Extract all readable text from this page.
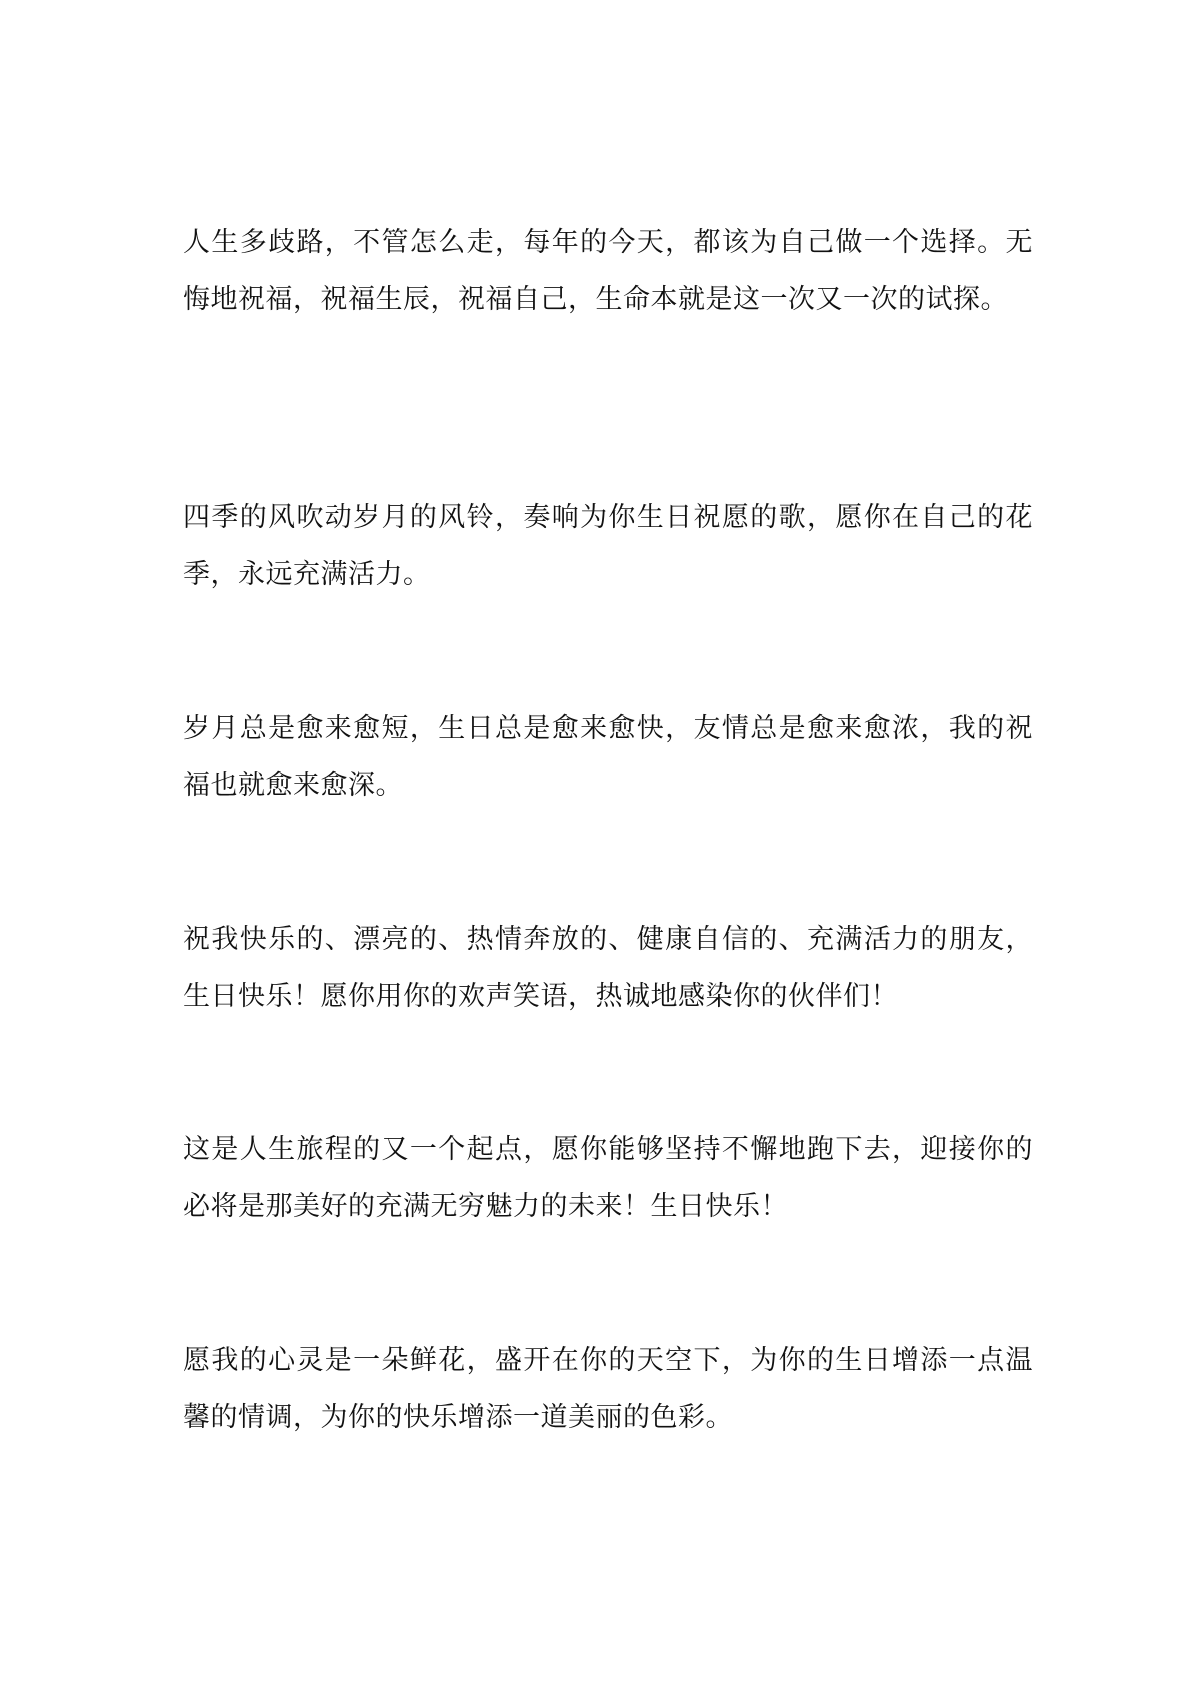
人生多歧路，不管怎么走，每年的今天，都该为自己做一个选择。无悔地祝福，祝福生辰，祝福自己，生命本就是这一次又一次的试探。

四季的风吹动岁月的风铃，奏响为你生日祝愿的歌，愿你在自己的花季，永远充满活力。

岁月总是愈来愈短，生日总是愈来愈快，友情总是愈来愈浓，我的祝福也就愈来愈深。

祝我快乐的、漂亮的、热情奔放的、健康自信的、充满活力的朋友，生日快乐！愿你用你的欢声笑语，热诚地感染你的伙伴们！

这是人生旅程的又一个起点，愿你能够坚持不懈地跑下去，迎接你的必将是那美好的充满无穷魅力的未来！生日快乐！

愿我的心灵是一朵鲜花，盛开在你的天空下，为你的生日增添一点温馨的情调，为你的快乐增添一道美丽的色彩。
